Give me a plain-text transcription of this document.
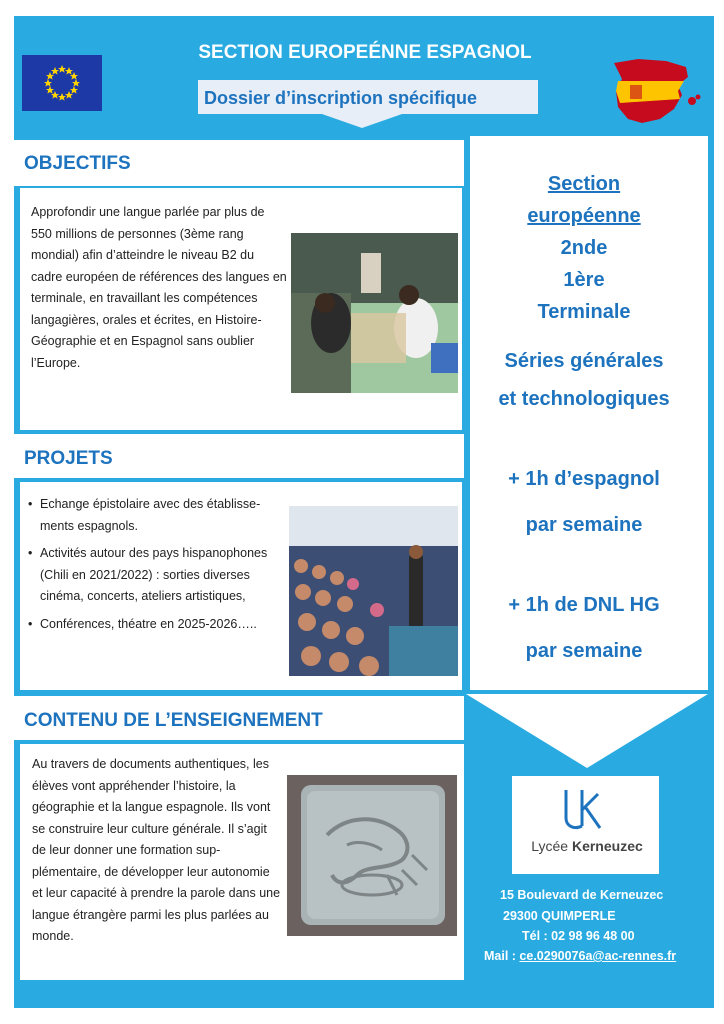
SECTION EUROPEÉNNE ESPAGNOL
Dossier d’inscription spécifique
OBJECTIFS
Approfondir une langue parlée par plus de 550 millions de personnes (3ème rang mondial) afin d’atteindre le niveau B2 du cadre européen de références des langues en terminale, en travaillant les compétences langagières, orales et écrites, en Histoire-Géographie et en Espagnol sans oublier l’Europe.
PROJETS
• Echange épistolaire avec des établissements espagnols.
• Activités autour des pays hispanophones (Chili en 2021/2022) : sorties diverses cinéma, concerts, ateliers artistiques,
• Conférences, théatre en 2025-2026…..
CONTENU DE L’ENSEIGNEMENT
Au travers de documents authentiques, les élèves vont appréhender l’histoire, la géographie et la langue espagnole. Ils vont se construire leur culture générale. Il s’agit de leur donner une formation supplémentaire, de développer leur autonomie et leur capacité à prendre la parole dans une langue étrangère parmi les plus parlées au monde.
Section
européenne
2nde
1ère
Terminale
Séries générales
et technologiques
+ 1h d’espagnol
par semaine
+ 1h de DNL HG
par semaine
Lycée Kerneuzec
15 Boulevard de Kerneuzec
29300 QUIMPERLE
Tél : 02 98 96 48 00
Mail : ce.0290076a@ac-rennes.fr
